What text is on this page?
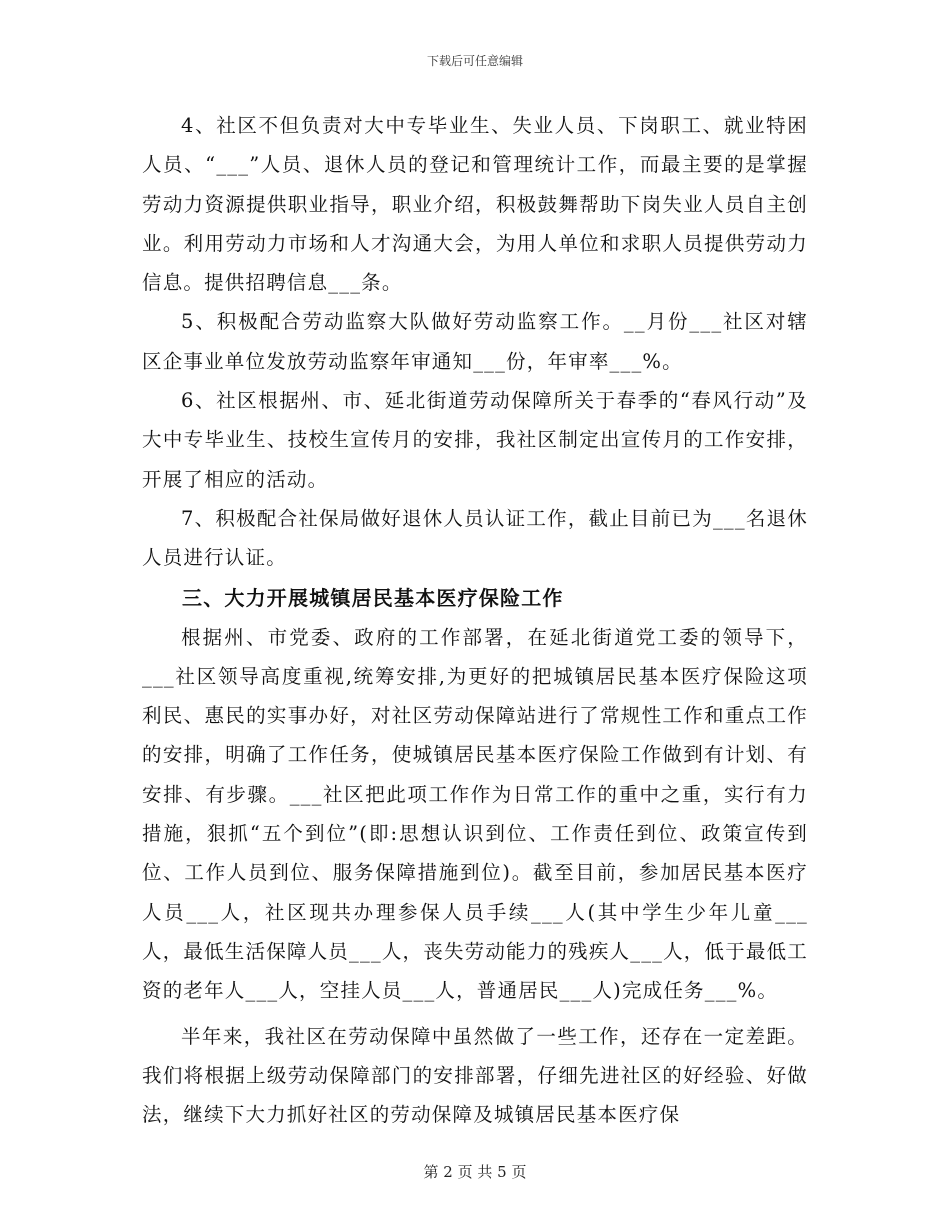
下载后可任意编辑

4、社区不但负责对大中专毕业生、失业人员、下岗职工、就业特困人员、“___”人员、退休人员的登记和管理统计工作，而最主要的是掌握劳动力资源提供职业指导，职业介绍，积极鼓舞帮助下岗失业人员自主创业。利用劳动力市场和人才沟通大会，为用人单位和求职人员提供劳动力信息。提供招聘信息___条。

5、积极配合劳动监察大队做好劳动监察工作。__月份___社区对辖区企事业单位发放劳动监察年审通知___份，年审率___%。

6、社区根据州、市、延北街道劳动保障所关于春季的“春风行动”及大中专毕业生、技校生宣传月的安排，我社区制定出宣传月的工作安排，开展了相应的活动。

7、积极配合社保局做好退休人员认证工作，截止目前已为___名退休人员进行认证。

三、大力开展城镇居民基本医疗保险工作

根据州、市党委、政府的工作部署，在延北街道党工委的领导下，___社区领导高度重视,统筹安排,为更好的把城镇居民基本医疗保险这项利民、惠民的实事办好，对社区劳动保障站进行了常规性工作和重点工作的安排，明确了工作任务，使城镇居民基本医疗保险工作做到有计划、有安排、有步骤。___社区把此项工作作为日常工作的重中之重，实行有力措施，狠抓“五个到位”(即:思想认识到位、工作责任到位、政策宣传到位、工作人员到位、服务保障措施到位)。截至目前，参加居民基本医疗人员___人，社区现共办理参保人员手续___人(其中学生少年儿童___人，最低生活保障人员___人，丧失劳动能力的残疾人___人，低于最低工资的老年人___人，空挂人员___人，普通居民___人)完成任务___%。

半年来，我社区在劳动保障中虽然做了一些工作，还存在一定差距。我们将根据上级劳动保障部门的安排部署，仔细先进社区的好经验、好做法，继续下大力抓好社区的劳动保障及城镇居民基本医疗保

第 2 页 共 5 页
